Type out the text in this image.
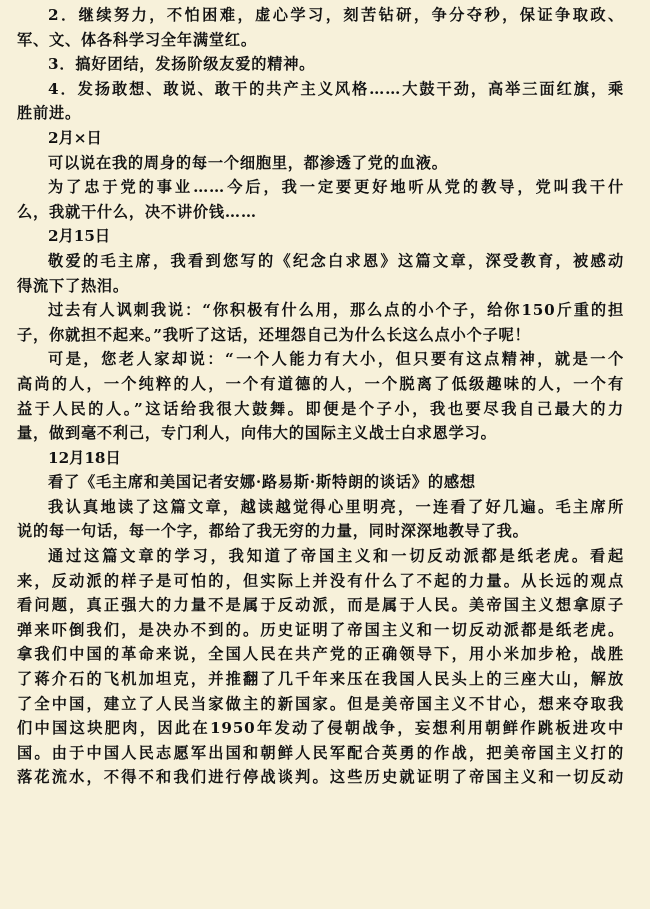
2．继续努力，不怕困难，虚心学习，刻苦钻研，争分夺秒，保证争取政、
军、文、体各科学习全年满堂红。
3．搞好团结，发扬阶级友爱的精神。
4．发扬敢想、敢说、敢干的共产主义风格……大鼓干劲，高举三面红旗，乘
胜前进。
2月×日
可以说在我的周身的每一个细胞里，都渗透了党的血液。
为了忠于党的事业……今后，我一定要更好地听从党的教导，党叫我干什
么，我就干什么，决不讲价钱……
2月15日
敬爱的毛主席，我看到您写的《纪念白求恩》这篇文章，深受教育，被感动
得流下了热泪。
过去有人讽刺我说：“你积极有什么用，那么点的小个子，给你150斤重的担
子，你就担不起来。”我听了这话，还埋怨自己为什么长这么点小个子呢！
可是，您老人家却说：“一个人能力有大小，但只要有这点精神，就是一个
高尚的人，一个纯粹的人，一个有道德的人，一个脱离了低级趣味的人，一个有
益于人民的人。”这话给我很大鼓舞。即便是个子小，我也要尽我自己最大的力
量，做到毫不利己，专门利人，向伟大的国际主义战士白求恩学习。
12月18日
看了《毛主席和美国记者安娜·路易斯·斯特朗的谈话》的感想
我认真地读了这篇文章，越读越觉得心里明亮，一连看了好几遍。毛主席所
说的每一句话，每一个字，都给了我无穷的力量，同时深深地教导了我。
通过这篇文章的学习，我知道了帝国主义和一切反动派都是纸老虎。看起
来，反动派的样子是可怕的，但实际上并没有什么了不起的力量。从长远的观点
看问题，真正强大的力量不是属于反动派，而是属于人民。美帝国主义想拿原子
弹来吓倒我们，是决办不到的。历史证明了帝国主义和一切反动派都是纸老虎。
拿我们中国的革命来说，全国人民在共产党的正确领导下，用小米加步枪，战胜
了蒋介石的飞机加坦克，并推翻了几千年来压在我国人民头上的三座大山，解放
了全中国，建立了人民当家做主的新国家。但是美帝国主义不甘心，想来夺取我
们中国这块肥肉，因此在1950年发动了侵朝战争，妄想利用朝鲜作跳板进攻中
国。由于中国人民志愿军出国和朝鲜人民军配合英勇的作战，把美帝国主义打的
落花流水，不得不和我们进行停战谈判。这些历史就证明了帝国主义和一切反动
